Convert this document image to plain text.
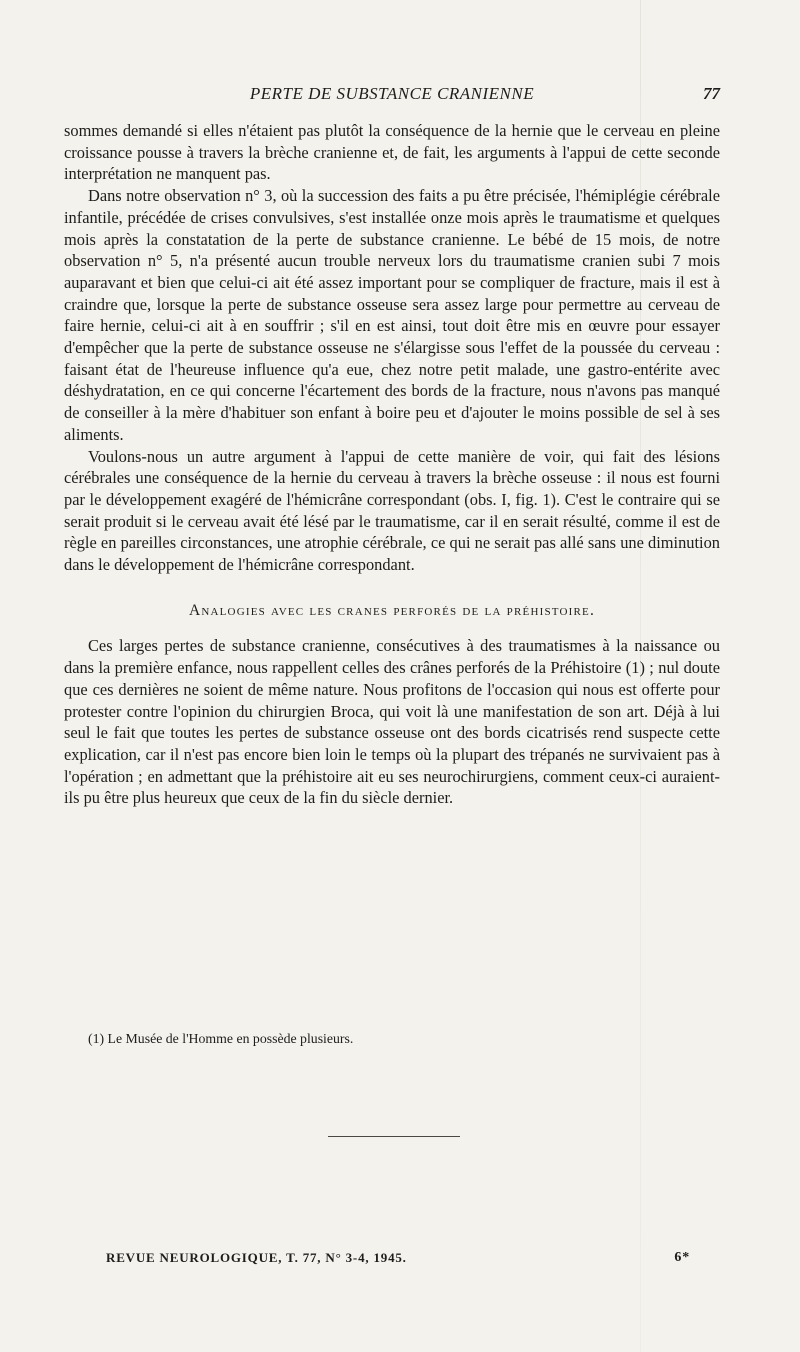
PERTE DE SUBSTANCE CRANIENNE	77

sommes demandé si elles n'étaient pas plutôt la conséquence de la hernie que le cerveau en pleine croissance pousse à travers la brèche cranienne et, de fait, les arguments à l'appui de cette seconde interprétation ne manquent pas.

Dans notre observation n° 3, où la succession des faits a pu être précisée, l'hémiplégie cérébrale infantile, précédée de crises convulsives, s'est installée onze mois après le traumatisme et quelques mois après la constatation de la perte de substance cranienne. Le bébé de 15 mois, de notre observation n° 5, n'a présenté aucun trouble nerveux lors du traumatisme cranien subi 7 mois auparavant et bien que celui-ci ait été assez important pour se compliquer de fracture, mais il est à craindre que, lorsque la perte de substance osseuse sera assez large pour permettre au cerveau de faire hernie, celui-ci ait à en souffrir ; s'il en est ainsi, tout doit être mis en œuvre pour essayer d'empêcher que la perte de substance osseuse ne s'élargisse sous l'effet de la poussée du cerveau : faisant état de l'heureuse influence qu'a eue, chez notre petit malade, une gastro-entérite avec déshydratation, en ce qui concerne l'écartement des bords de la fracture, nous n'avons pas manqué de conseiller à la mère d'habituer son enfant à boire peu et d'ajouter le moins possible de sel à ses aliments.

Voulons-nous un autre argument à l'appui de cette manière de voir, qui fait des lésions cérébrales une conséquence de la hernie du cerveau à travers la brèche osseuse : il nous est fourni par le développement exagéré de l'hémicrâne correspondant (obs. I, fig. 1). C'est le contraire qui se serait produit si le cerveau avait été lésé par le traumatisme, car il en serait résulté, comme il est de règle en pareilles circonstances, une atrophie cérébrale, ce qui ne serait pas allé sans une diminution dans le développement de l'hémicrâne correspondant.

Analogies avec les cranes perforés de la préhistoire.

Ces larges pertes de substance cranienne, consécutives à des traumatismes à la naissance ou dans la première enfance, nous rappellent celles des crânes perforés de la Préhistoire (1) ; nul doute que ces dernières ne soient de même nature. Nous profitons de l'occasion qui nous est offerte pour protester contre l'opinion du chirurgien Broca, qui voit là une manifestation de son art. Déjà à lui seul le fait que toutes les pertes de substance osseuse ont des bords cicatrisés rend suspecte cette explication, car il n'est pas encore bien loin le temps où la plupart des trépanés ne survivaient pas à l'opération ; en admettant que la préhistoire ait eu ses neurochirurgiens, comment ceux-ci auraient-ils pu être plus heureux que ceux de la fin du siècle dernier.

(1) Le Musée de l'Homme en possède plusieurs.
REVUE NEUROLOGIQUE, T. 77, N° 3-4, 1945.	6*
